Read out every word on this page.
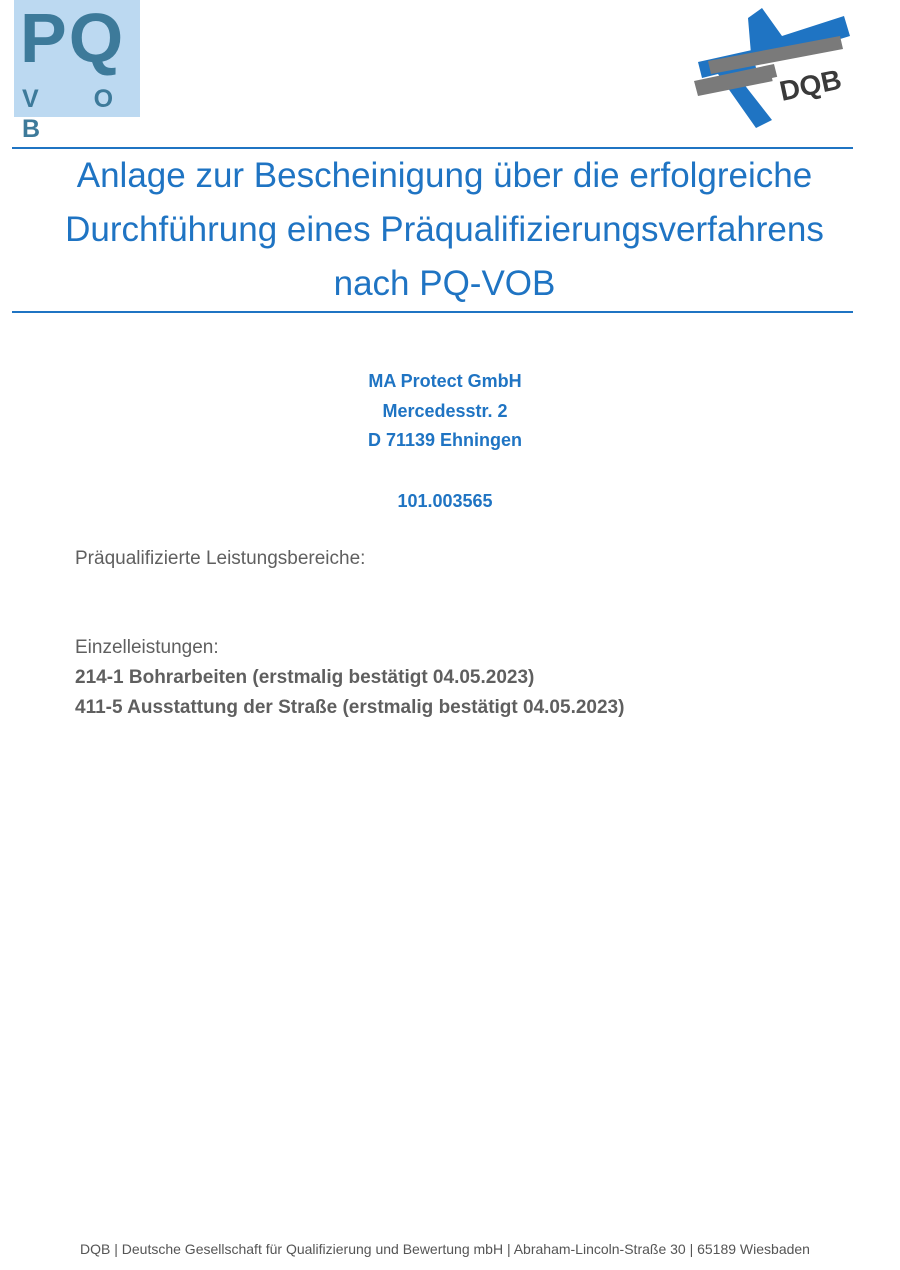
PQ
V O B
DQB
Anlage zur Bescheinigung über die erfolgreiche
Durchführung eines Präqualifizierungsverfahrens
nach PQ-VOB
MA Protect GmbH
Mercedesstr. 2
D 71139 Ehningen
101.003565
Präqualifizierte Leistungsbereiche:
Einzelleistungen:
214-1 Bohrarbeiten (erstmalig bestätigt 04.05.2023)
411-5 Ausstattung der Straße (erstmalig bestätigt 04.05.2023)
DQB | Deutsche Gesellschaft für Qualifizierung und Bewertung mbH | Abraham-Lincoln-Straße 30 | 65189 Wiesbaden
